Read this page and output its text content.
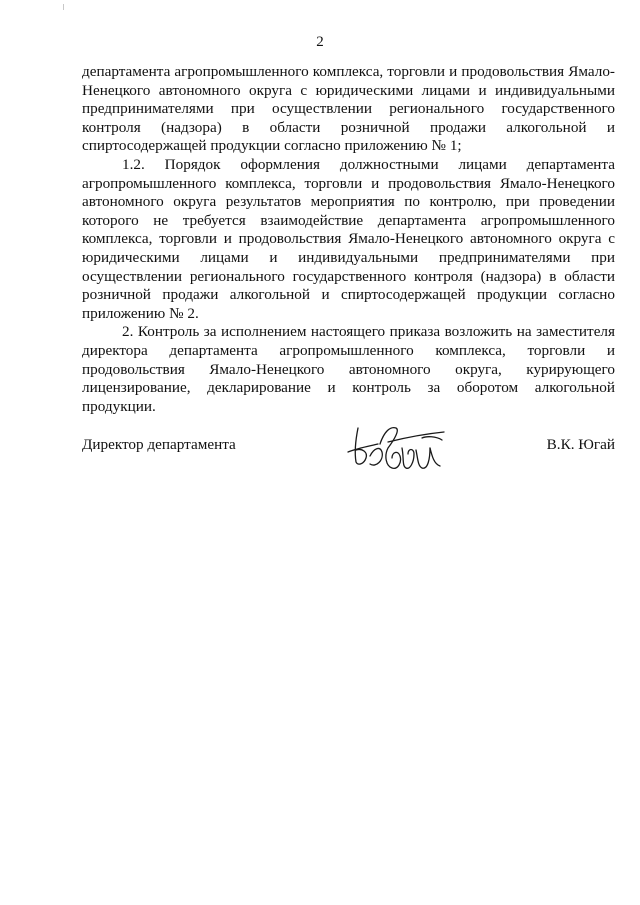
2

департамента агропромышленного комплекса, торговли и продовольствия Ямало-Ненецкого автономного округа с юридическими лицами и индивидуальными предпринимателями при осуществлении регионального государственного контроля (надзора) в области розничной продажи алкогольной и спиртосодержащей продукции согласно приложению № 1;

1.2. Порядок оформления должностными лицами департамента агропромышленного комплекса, торговли и продовольствия Ямало-Ненецкого автономного округа результатов мероприятия по контролю, при проведении которого не требуется взаимодействие департамента агропромышленного комплекса, торговли и продовольствия Ямало-Ненецкого автономного округа с юридическими лицами и индивидуальными предпринимателями при осуществлении регионального государственного контроля (надзора) в области розничной продажи алкогольной и спиртосодержащей продукции согласно приложению № 2.

2. Контроль за исполнением настоящего приказа возложить на заместителя директора департамента агропромышленного комплекса, торговли и продовольствия Ямало-Ненецкого автономного округа, курирующего лицензирование, декларирование и контроль за оборотом алкогольной продукции.

Директор департамента	В.К. Югай
